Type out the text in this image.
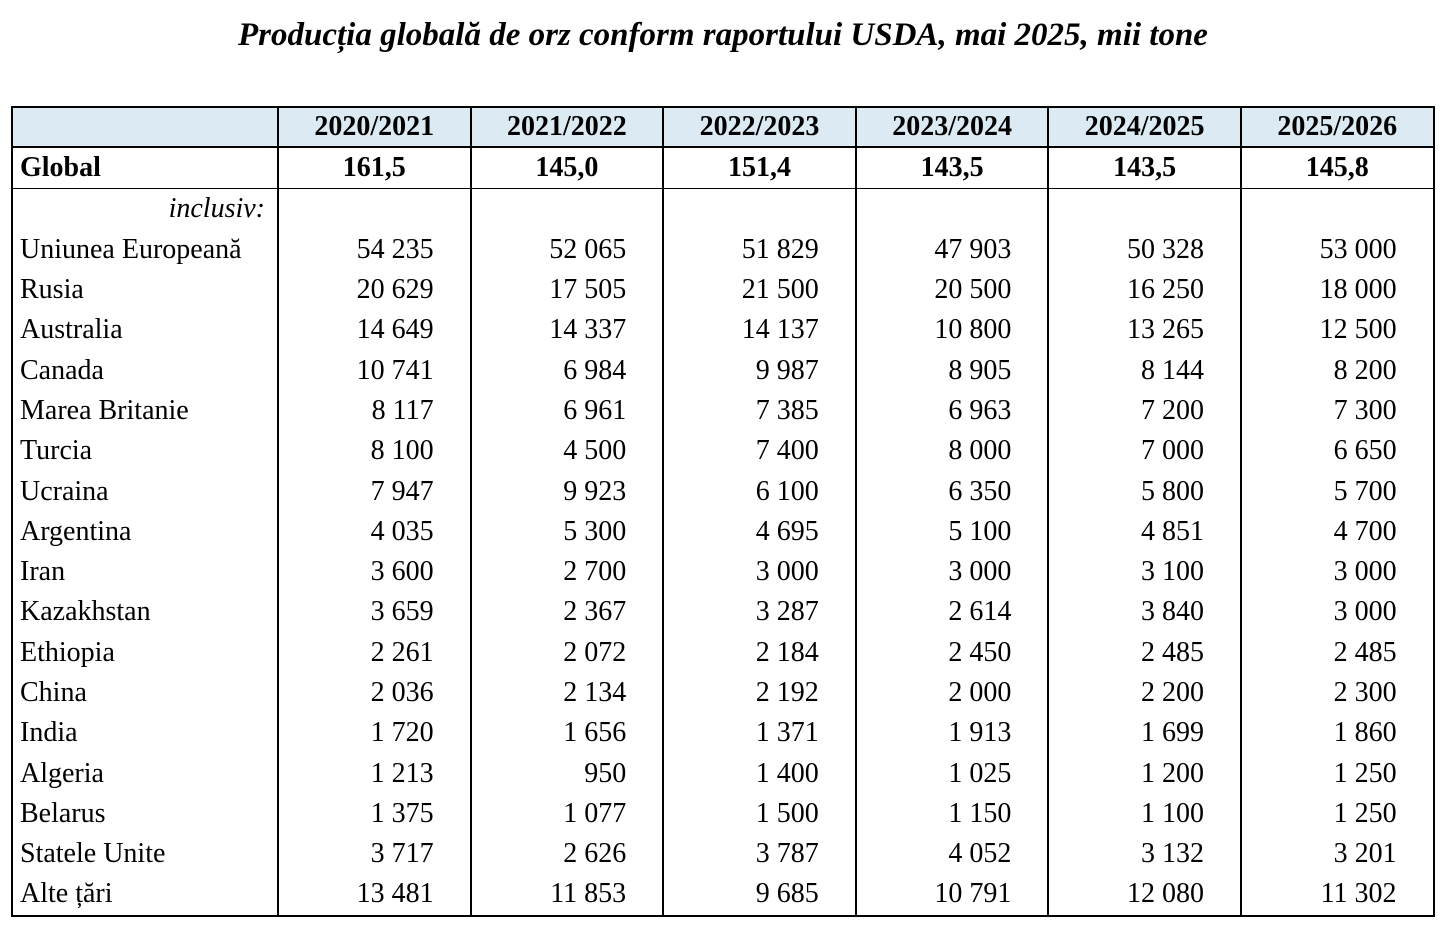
Producția globală de orz conform raportului USDA, mai 2025, mii tone
	2020/2021	2021/2022	2022/2023	2023/2024	2024/2025	2025/2026
Global	161,5	145,0	151,4	143,5	143,5	145,8
inclusiv:						
Uniunea Europeană	54 235	52 065	51 829	47 903	50 328	53 000
Rusia	20 629	17 505	21 500	20 500	16 250	18 000
Australia	14 649	14 337	14 137	10 800	13 265	12 500
Canada	10 741	6 984	9 987	8 905	8 144	8 200
Marea Britanie	8 117	6 961	7 385	6 963	7 200	7 300
Turcia	8 100	4 500	7 400	8 000	7 000	6 650
Ucraina	7 947	9 923	6 100	6 350	5 800	5 700
Argentina	4 035	5 300	4 695	5 100	4 851	4 700
Iran	3 600	2 700	3 000	3 000	3 100	3 000
Kazakhstan	3 659	2 367	3 287	2 614	3 840	3 000
Ethiopia	2 261	2 072	2 184	2 450	2 485	2 485
China	2 036	2 134	2 192	2 000	2 200	2 300
India	1 720	1 656	1 371	1 913	1 699	1 860
Algeria	1 213	950	1 400	1 025	1 200	1 250
Belarus	1 375	1 077	1 500	1 150	1 100	1 250
Statele Unite	3 717	2 626	3 787	4 052	3 132	3 201
Alte țări	13 481	11 853	9 685	10 791	12 080	11 302
